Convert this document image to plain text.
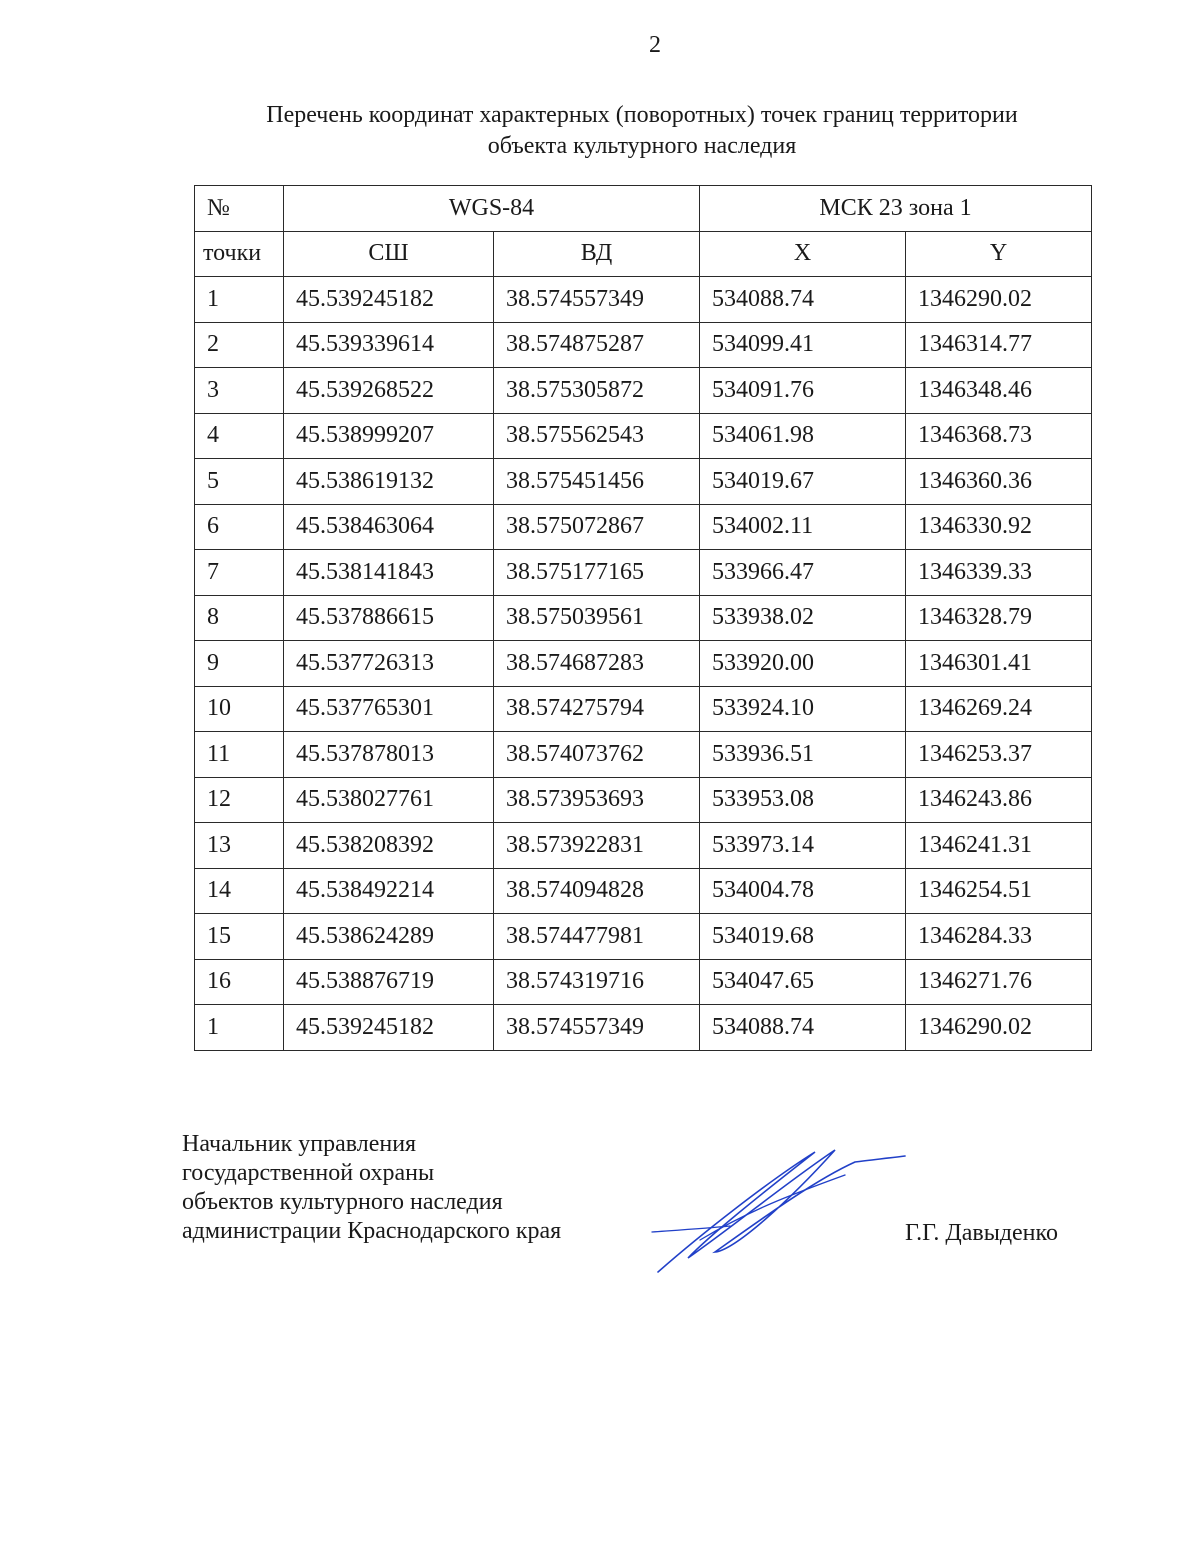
2
Перечень координат характерных (поворотных) точек границ территории
объекта культурного наследия
№	WGS-84		МСК 23 зона 1	
точки	СШ	ВД	X	Y
1	45.539245182	38.574557349	534088.74	1346290.02
2	45.539339614	38.574875287	534099.41	1346314.77
3	45.539268522	38.575305872	534091.76	1346348.46
4	45.538999207	38.575562543	534061.98	1346368.73
5	45.538619132	38.575451456	534019.67	1346360.36
6	45.538463064	38.575072867	534002.11	1346330.92
7	45.538141843	38.575177165	533966.47	1346339.33
8	45.537886615	38.575039561	533938.02	1346328.79
9	45.537726313	38.574687283	533920.00	1346301.41
10	45.537765301	38.574275794	533924.10	1346269.24
11	45.537878013	38.574073762	533936.51	1346253.37
12	45.538027761	38.573953693	533953.08	1346243.86
13	45.538208392	38.573922831	533973.14	1346241.31
14	45.538492214	38.574094828	534004.78	1346254.51
15	45.538624289	38.574477981	534019.68	1346284.33
16	45.538876719	38.574319716	534047.65	1346271.76
1	45.539245182	38.574557349	534088.74	1346290.02
Начальник управления
государственной охраны
объектов культурного наследия
администрации Краснодарского края	Г.Г. Давыденко
